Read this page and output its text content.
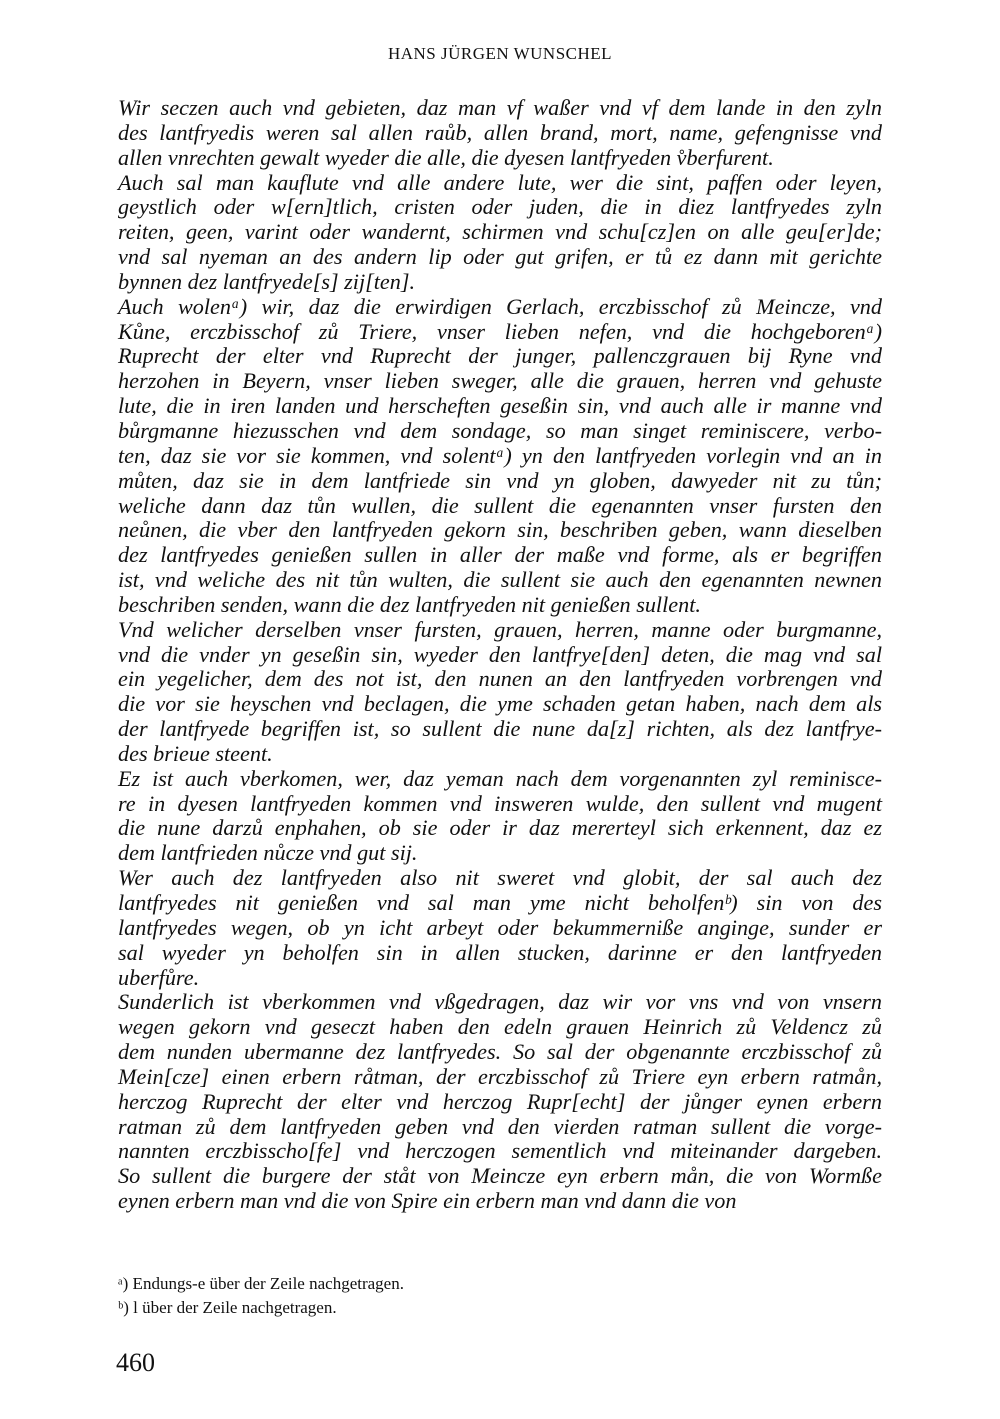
HANS JÜRGEN WUNSCHEL
Wir seczen auch vnd gebieten, daz man vf waßer vnd vf dem lande in den zyln
des lantfryedis weren sal allen raůb, allen brand, mort, name, gefengnisse vnd
allen vnrechten gewalt wyeder die alle, die dyesen lantfryeden v̊berfurent.
Auch sal man kauflute vnd alle andere lute, wer die sint, paffen oder leyen,
geystlich oder w[ern]tlich, cristen oder juden, die in diez lantfryedes zyln
reiten, geen, varint oder wandernt, schirmen vnd schu[cz]en on alle geu[er]de;
vnd sal nyeman an des andern lip oder gut grifen, er tů ez dann mit gerichte
bynnen dez lantfryede[s] zij[ten].
Auch wolenᵃ) wir, daz die erwirdigen Gerlach, erczbisschof zů Meincze, vnd
Kůne, erczbisschof zů Triere, vnser lieben nefen, vnd die hochgeborenᵃ)
Ruprecht der elter vnd Ruprecht der junger, pallenczgrauen bij Ryne vnd
herzohen in Beyern, vnser lieben sweger, alle die grauen, herren vnd gehuste
lute, die in iren landen und herscheften geseßin sin, vnd auch alle ir manne vnd
bůrgmanne hiezusschen vnd dem sondage, so man singet reminiscere, verbo-
ten, daz sie vor sie kommen, vnd solentᵃ) yn den lantfryeden vorlegin vnd an in
můten, daz sie in dem lantfriede sin vnd yn globen, dawyeder nit zu tůn;
weliche dann daz tůn wullen, die sullent die egenannten vnser fursten den
neůnen, die vber den lantfryeden gekorn sin, beschriben geben, wann dieselben
dez lantfryedes genießen sullen in aller der maße vnd forme, als er begriffen
ist, vnd weliche des nit tůn wulten, die sullent sie auch den egenannten newnen
beschriben senden, wann die dez lantfryeden nit genießen sullent.
Vnd welicher derselben vnser fursten, grauen, herren, manne oder burgmanne,
vnd die vnder yn geseßin sin, wyeder den lantfrye[den] deten, die mag vnd sal
ein yegelicher, dem des not ist, den nunen an den lantfryeden vorbrengen vnd
die vor sie heyschen vnd beclagen, die yme schaden getan haben, nach dem als
der lantfryede begriffen ist, so sullent die nune da[z] richten, als dez lantfrye-
des brieue steent.
Ez ist auch vberkomen, wer, daz yeman nach dem vorgenannten zyl reminisce-
re in dyesen lantfryeden kommen vnd insweren wulde, den sullent vnd mugent
die nune darzů enphahen, ob sie oder ir daz mererteyl sich erkennent, daz ez
dem lantfrieden nůcze vnd gut sij.
Wer auch dez lantfryeden also nit sweret vnd globit, der sal auch dez
lantfryedes nit genießen vnd sal man yme nicht beholfenᵇ) sin von des
lantfryedes wegen, ob yn icht arbeyt oder bekummerniße anginge, sunder er
sal wyeder yn beholfen sin in allen stucken, darinne er den lantfryeden
uberfůre.
Sunderlich ist vberkommen vnd vßgedragen, daz wir vor vns vnd von vnsern
wegen gekorn vnd geseczt haben den edeln grauen Heinrich zů Veldencz zů
dem nunden ubermanne dez lantfryedes. So sal der obgenannte erczbisschof zů
Mein[cze] einen erbern råtman, der erczbisschof zů Triere eyn erbern ratmån,
herczog Ruprecht der elter vnd herczog Rupr[echt] der jůnger eynen erbern
ratman zů dem lantfryeden geben vnd den vierden ratman sullent die vorge-
nannten erczbisscho[fe] vnd herczogen sementlich vnd miteinander dargeben.
So sullent die burgere der ståt von Meincze eyn erbern mån, die von Wormße
eynen erbern man vnd die von Spire ein erbern man vnd dann die von
ᵃ) Endungs-e über der Zeile nachgetragen.
ᵇ) l über der Zeile nachgetragen.
460
